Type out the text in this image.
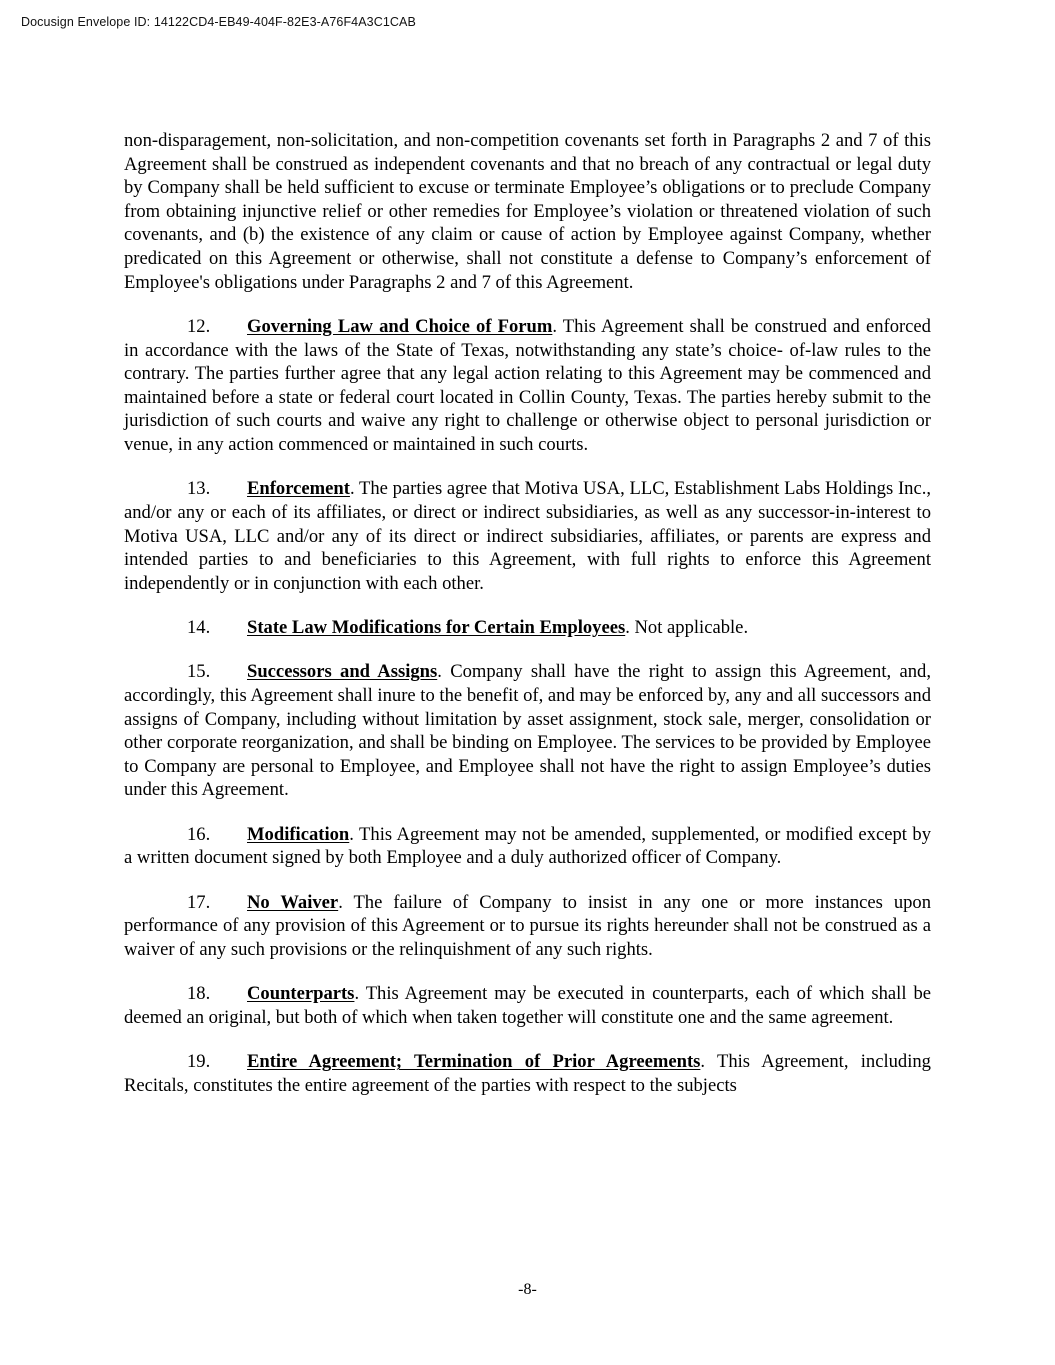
Docusign Envelope ID: 14122CD4-EB49-404F-82E3-A76F4A3C1CAB

non-disparagement, non-solicitation, and non-competition covenants set forth in Paragraphs 2 and 7 of this Agreement shall be construed as independent covenants and that no breach of any contractual or legal duty by Company shall be held sufficient to excuse or terminate Employee’s obligations or to preclude Company from obtaining injunctive relief or other remedies for Employee’s violation or threatened violation of such covenants, and (b) the existence of any claim or cause of action by Employee against Company, whether predicated on this Agreement or otherwise, shall not constitute a defense to Company’s enforcement of Employee's obligations under Paragraphs 2 and 7 of this Agreement.

12. Governing Law and Choice of Forum. This Agreement shall be construed and enforced in accordance with the laws of the State of Texas, notwithstanding any state’s choice- of-law rules to the contrary. The parties further agree that any legal action relating to this Agreement may be commenced and maintained before a state or federal court located in Collin County, Texas. The parties hereby submit to the jurisdiction of such courts and waive any right to challenge or otherwise object to personal jurisdiction or venue, in any action commenced or maintained in such courts.

13. Enforcement. The parties agree that Motiva USA, LLC, Establishment Labs Holdings Inc., and/or any or each of its affiliates, or direct or indirect subsidiaries, as well as any successor-in-interest to Motiva USA, LLC and/or any of its direct or indirect subsidiaries, affiliates, or parents are express and intended parties to and beneficiaries to this Agreement, with full rights to enforce this Agreement independently or in conjunction with each other.

14. State Law Modifications for Certain Employees. Not applicable.

15. Successors and Assigns. Company shall have the right to assign this Agreement, and, accordingly, this Agreement shall inure to the benefit of, and may be enforced by, any and all successors and assigns of Company, including without limitation by asset assignment, stock sale, merger, consolidation or other corporate reorganization, and shall be binding on Employee. The services to be provided by Employee to Company are personal to Employee, and Employee shall not have the right to assign Employee’s duties under this Agreement.

16. Modification. This Agreement may not be amended, supplemented, or modified except by a written document signed by both Employee and a duly authorized officer of Company.

17. No Waiver. The failure of Company to insist in any one or more instances upon performance of any provision of this Agreement or to pursue its rights hereunder shall not be construed as a waiver of any such provisions or the relinquishment of any such rights.

18. Counterparts. This Agreement may be executed in counterparts, each of which shall be deemed an original, but both of which when taken together will constitute one and the same agreement.

19. Entire Agreement; Termination of Prior Agreements. This Agreement, including Recitals, constitutes the entire agreement of the parties with respect to the subjects

-8-
